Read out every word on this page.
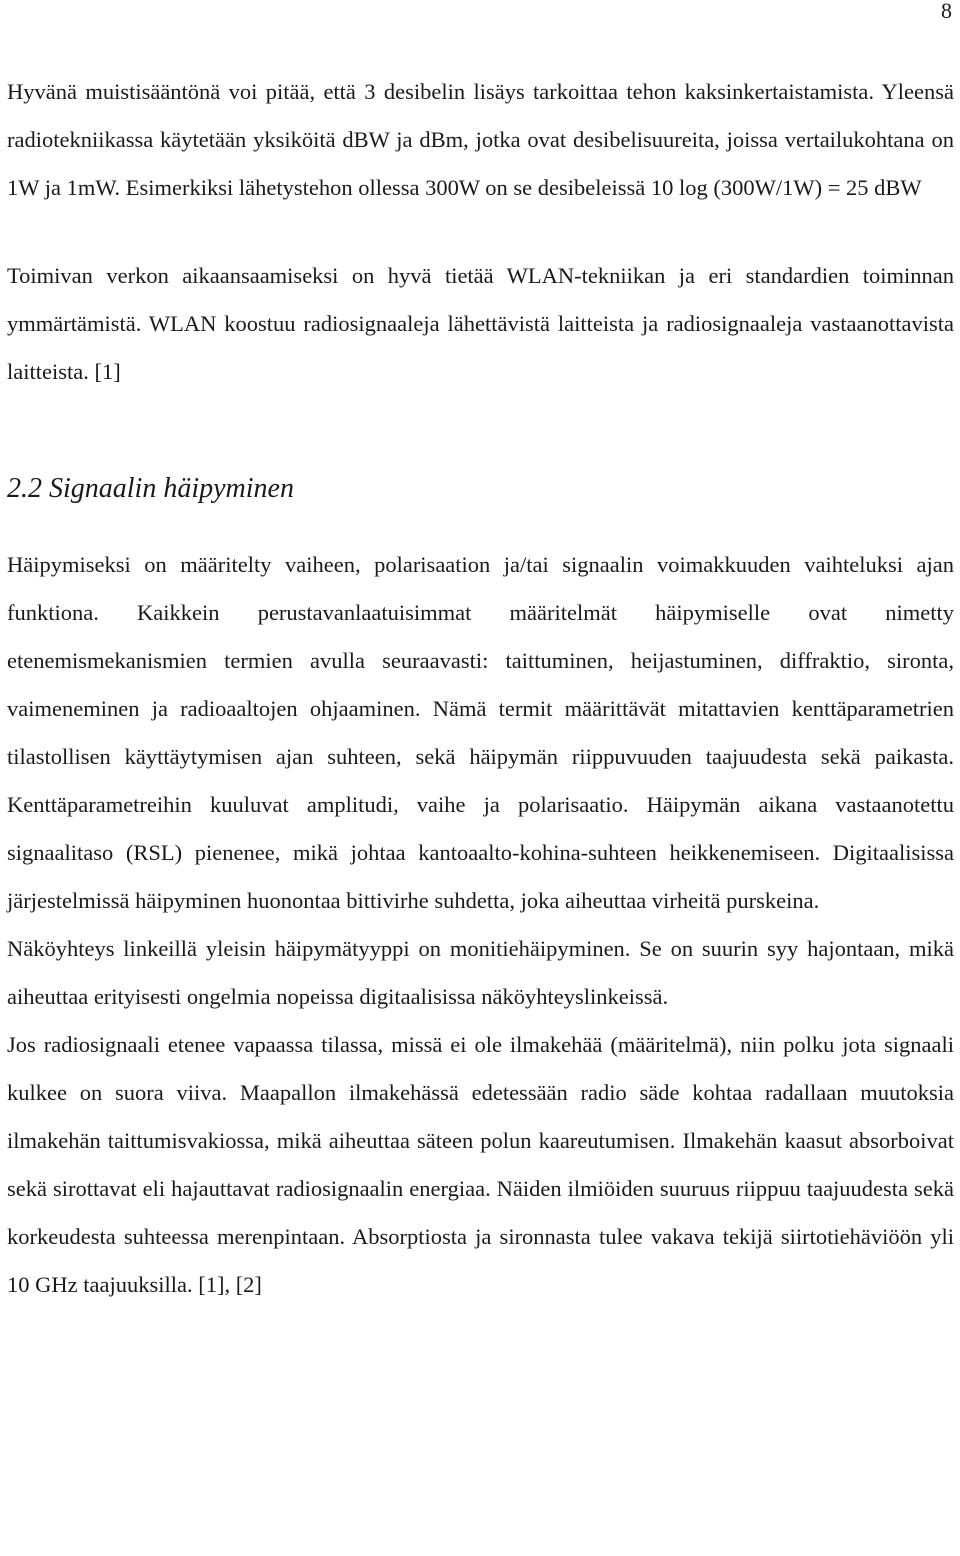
8

Hyvänä muistisääntönä voi pitää, että 3 desibelin lisäys tarkoittaa tehon kaksinkertaistamista. Yleensä radiotekniikassa käytetään yksiköitä dBW ja dBm, jotka ovat desibelisuureita, joissa vertailukohtana on 1W ja 1mW. Esimerkiksi lähetystehon ollessa 300W on se desibeleissä 10 log (300W/1W) = 25 dBW

Toimivan verkon aikaansaamiseksi on hyvä tietää WLAN-tekniikan ja eri standardien toiminnan ymmärtämistä. WLAN koostuu radiosignaaleja lähettävistä laitteista ja radiosignaaleja vastaanottavista laitteista. [1]

2.2 Signaalin häipyminen

Häipymiseksi on määritelty vaiheen, polarisaation ja/tai signaalin voimakkuuden vaihteluksi ajan funktiona. Kaikkein perustavanlaatuisimmat määritelmät häipymiselle ovat nimetty etenemismekanismien termien avulla seuraavasti: taittuminen, heijastuminen, diffraktio, sironta, vaimeneminen ja radioaaltojen ohjaaminen. Nämä termit määrittävät mitattavien kenttäparametrien tilastollisen käyttäytymisen ajan suhteen, sekä häipymän riippuvuuden taajuudesta sekä paikasta. Kenttäparametreihin kuuluvat amplitudi, vaihe ja polarisaatio. Häipymän aikana vastaanotettu signaalitaso (RSL) pienenee, mikä johtaa kantoaalto-kohina-suhteen heikkenemiseen. Digitaalisissa järjestelmissä häipyminen huonontaa bittivirhe suhdetta, joka aiheuttaa virheitä purskeina.

Näköyhteys linkeillä yleisin häipymätyyppi on monitiehäipyminen. Se on suurin syy hajontaan, mikä aiheuttaa erityisesti ongelmia nopeissa digitaalisissa näköyhteyslinkeissä.

Jos radiosignaali etenee vapaassa tilassa, missä ei ole ilmakehää (määritelmä), niin polku jota signaali kulkee on suora viiva. Maapallon ilmakehässä edetessään radio säde kohtaa radallaan muutoksia ilmakehän taittumisvakiossa, mikä aiheuttaa säteen polun kaareutumisen. Ilmakehän kaasut absorboivat sekä sirottavat eli hajauttavat radiosignaalin energiaa. Näiden ilmiöiden suuruus riippuu taajuudesta sekä korkeudesta suhteessa merenpintaan. Absorptiosta ja sironnasta tulee vakava tekijä siirtotiehäviöön yli 10 GHz taajuuksilla. [1], [2]
